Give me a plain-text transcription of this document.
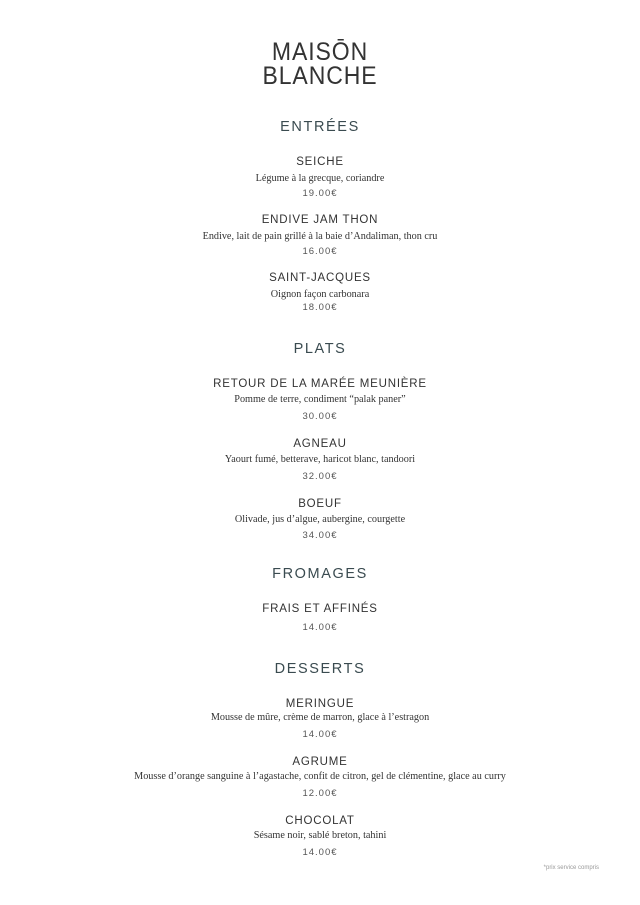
MAISŌN
BLANCHE
ENTRÉES
SEICHE
Légume à la grecque, coriandre
19.00€
ENDIVE JAM THON
Endive, lait de pain grillé à la baie d’Andaliman, thon cru
16.00€
SAINT-JACQUES
Oignon façon carbonara
18.00€
PLATS
RETOUR DE LA MARÉE MEUNIÈRE
Pomme de terre, condiment “palak paner”
30.00€
AGNEAU
Yaourt fumé, betterave, haricot blanc, tandoori
32.00€
BOEUF
Olivade, jus d’algue, aubergine, courgette
34.00€
FROMAGES
FRAIS ET AFFINÉS
14.00€
DESSERTS
MERINGUE
Mousse de mûre, crème de marron, glace à l’estragon
14.00€
AGRUME
Mousse d’orange sanguine à l’agastache, confit de citron, gel de clémentine, glace au curry
12.00€
CHOCOLAT
Sésame noir, sablé breton, tahini
14.00€
*prix service compris
